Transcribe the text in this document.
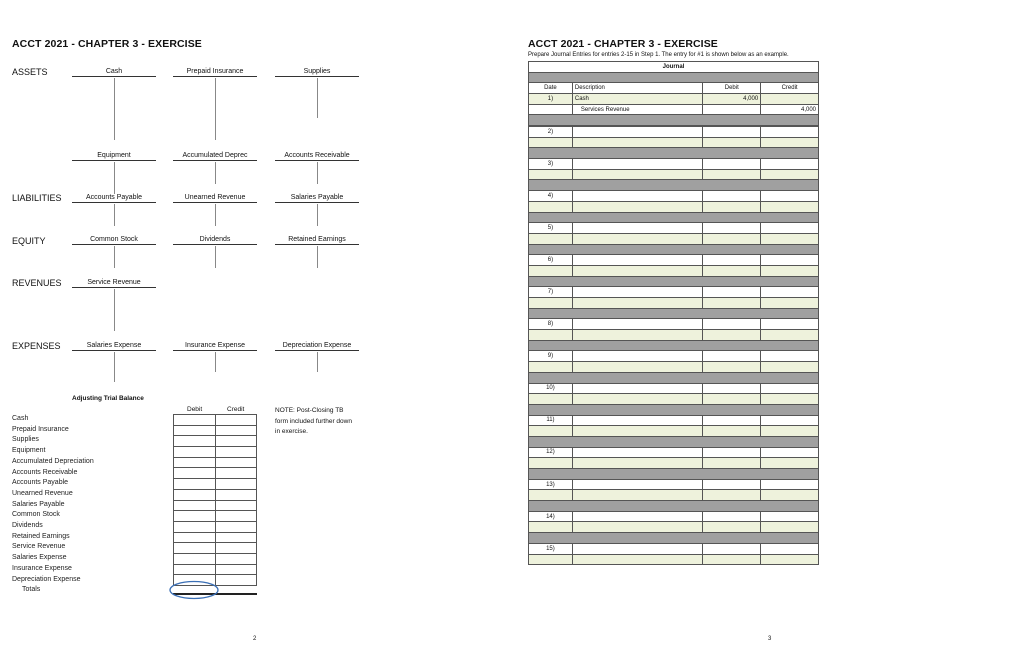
ACCT 2021 - CHAPTER 3 - EXERCISE
ASSETS
LIABILITIES
EQUITY
REVENUES
EXPENSES
Cash	Prepaid Insurance	Supplies
Equipment	Accumulated Deprec	Accounts Receivable
Accounts Payable	Unearned Revenue	Salaries Payable
Common Stock	Dividends	Retained Earnings
Service Revenue
Salaries Expense	Insurance Expense	Depreciation Expense
Adjusting Trial Balance
Debit	Credit
Cash
Prepaid Insurance
Supplies
Equipment
Accumulated Depreciation
Accounts Receivable
Accounts Payable
Unearned Revenue
Salaries Payable
Common Stock
Dividends
Retained Earnings
Service Revenue
Salaries Expense
Insurance Expense
Depreciation Expense
Totals

NOTE: Post-Closing TB
form included further down
in exercise.
2
ACCT 2021 - CHAPTER 3 - EXERCISE
Prepare Journal Entries for entries 2-15 in Step 1. The entry for #1 is shown below as an example.
Journal			

Date	Description	Debit	Credit
1)	Cash	4,000	
	Services Revenue		4,000

2)			

3)			

4)			

5)			

6)			

7)			

8)			

9)			

10)			

11)			

12)			

13)			

14)			

15)			

3
